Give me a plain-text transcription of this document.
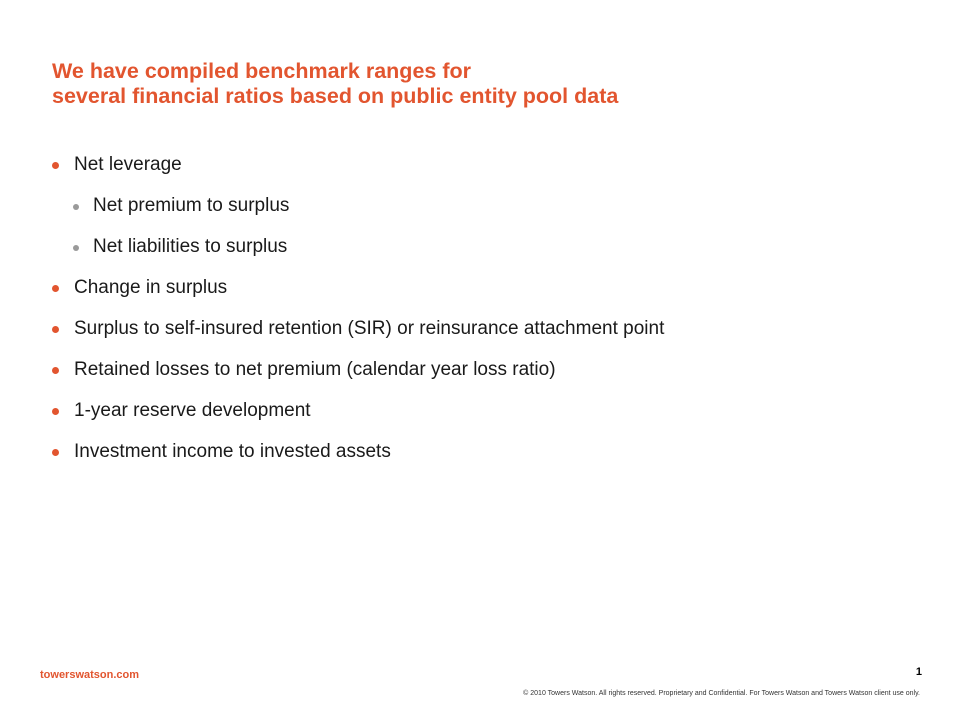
We have compiled benchmark ranges for
several financial ratios based on public entity pool data
Net leverage
Net premium to surplus
Net liabilities to surplus
Change in surplus
Surplus to self-insured retention (SIR) or reinsurance attachment point
Retained losses to net premium (calendar year loss ratio)
1-year reserve development
Investment income to invested assets
towerswatson.com	1
© 2010 Towers Watson. All rights reserved. Proprietary and Confidential. For Towers Watson and Towers Watson client use only.
